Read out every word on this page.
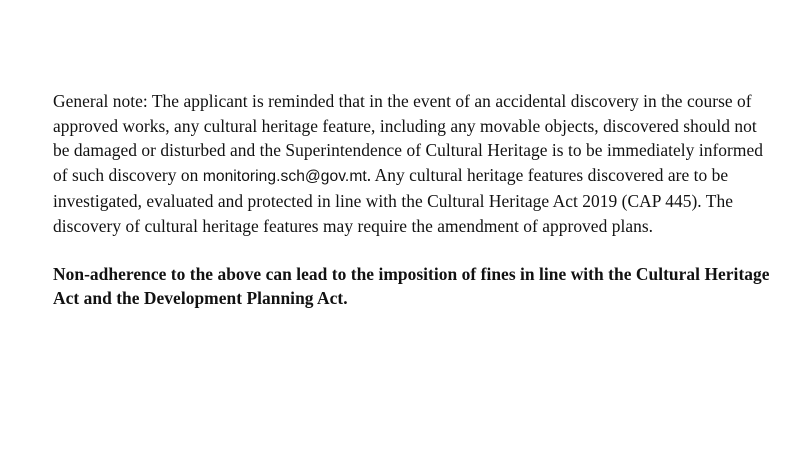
General note: The applicant is reminded that in the event of an accidental discovery in the course of approved works, any cultural heritage feature, including any movable objects, discovered should not be damaged or disturbed and the Superintendence of Cultural Heritage is to be immediately informed of such discovery on monitoring.sch@gov.mt. Any cultural heritage features discovered are to be investigated, evaluated and protected in line with the Cultural Heritage Act 2019 (CAP 445). The discovery of cultural heritage features may require the amendment of approved plans.

Non-adherence to the above can lead to the imposition of fines in line with the Cultural Heritage Act and the Development Planning Act.
